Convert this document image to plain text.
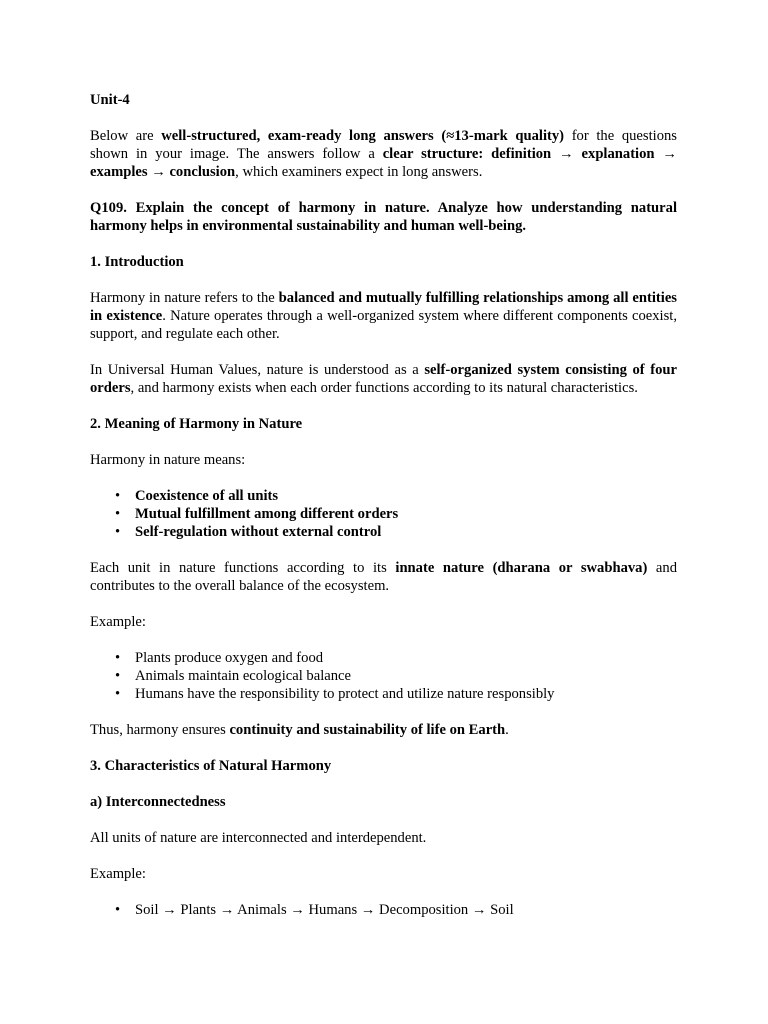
Unit-4

Below are well-structured, exam-ready long answers (≈13-mark quality) for the questions shown in your image. The answers follow a clear structure: definition → explanation → examples → conclusion, which examiners expect in long answers.

Q109. Explain the concept of harmony in nature. Analyze how understanding natural harmony helps in environmental sustainability and human well-being.

1. Introduction

Harmony in nature refers to the balanced and mutually fulfilling relationships among all entities in existence. Nature operates through a well-organized system where different components coexist, support, and regulate each other.

In Universal Human Values, nature is understood as a self-organized system consisting of four orders, and harmony exists when each order functions according to its natural characteristics.

2. Meaning of Harmony in Nature

Harmony in nature means:

• Coexistence of all units
• Mutual fulfillment among different orders
• Self-regulation without external control

Each unit in nature functions according to its innate nature (dharana or swabhava) and contributes to the overall balance of the ecosystem.

Example:

• Plants produce oxygen and food
• Animals maintain ecological balance
• Humans have the responsibility to protect and utilize nature responsibly

Thus, harmony ensures continuity and sustainability of life on Earth.

3. Characteristics of Natural Harmony

a) Interconnectedness

All units of nature are interconnected and interdependent.

Example:

• Soil → Plants → Animals → Humans → Decomposition → Soil
